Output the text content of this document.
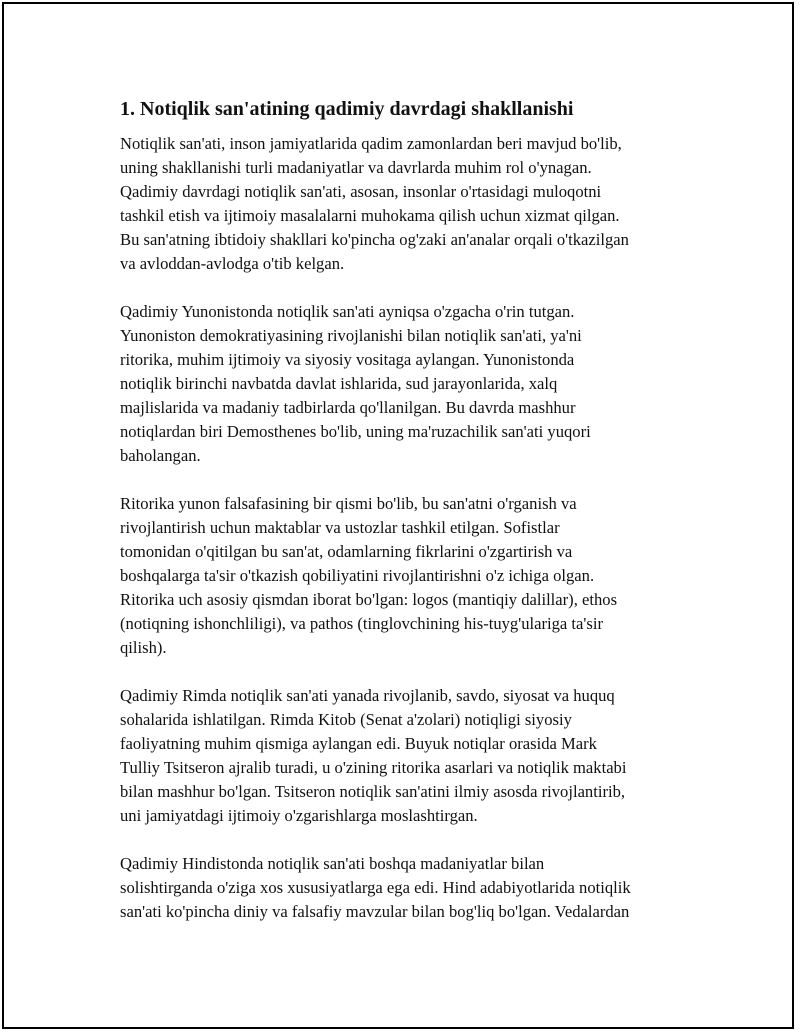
1. Notiqlik san'atining qadimiy davrdagi shakllanishi

Notiqlik san'ati, inson jamiyatlarida qadim zamonlardan beri mavjud bo'lib,
uning shakllanishi turli madaniyatlar va davrlarda muhim rol o'ynagan.
Qadimiy davrdagi notiqlik san'ati, asosan, insonlar o'rtasidagi muloqotni
tashkil etish va ijtimoiy masalalarni muhokama qilish uchun xizmat qilgan.
Bu san'atning ibtidoiy shakllari ko'pincha og'zaki an'analar orqali o'tkazilgan
va avloddan-avlodga o'tib kelgan.

Qadimiy Yunonistonda notiqlik san'ati ayniqsa o'zgacha o'rin tutgan.
Yunoniston demokratiyasining rivojlanishi bilan notiqlik san'ati, ya'ni
ritorika, muhim ijtimoiy va siyosiy vositaga aylangan. Yunonistonda
notiqlik birinchi navbatda davlat ishlarida, sud jarayonlarida, xalq
majlislarida va madaniy tadbirlarda qo'llanilgan. Bu davrda mashhur
notiqlardan biri Demosthenes bo'lib, uning ma'ruzachilik san'ati yuqori
baholangan.

Ritorika yunon falsafasining bir qismi bo'lib, bu san'atni o'rganish va
rivojlantirish uchun maktablar va ustozlar tashkil etilgan. Sofistlar
tomonidan o'qitilgan bu san'at, odamlarning fikrlarini o'zgartirish va
boshqalarga ta'sir o'tkazish qobiliyatini rivojlantirishni o'z ichiga olgan.
Ritorika uch asosiy qismdan iborat bo'lgan: logos (mantiqiy dalillar), ethos
(notiqning ishonchliligi), va pathos (tinglovchining his-tuyg'ulariga ta'sir
qilish).

Qadimiy Rimda notiqlik san'ati yanada rivojlanib, savdo, siyosat va huquq
sohalarida ishlatilgan. Rimda Kitob (Senat a'zolari) notiqligi siyosiy
faoliyatning muhim qismiga aylangan edi. Buyuk notiqlar orasida Mark
Tulliy Tsitseron ajralib turadi, u o'zining ritorika asarlari va notiqlik maktabi
bilan mashhur bo'lgan. Tsitseron notiqlik san'atini ilmiy asosda rivojlantirib,
uni jamiyatdagi ijtimoiy o'zgarishlarga moslashtirgan.

Qadimiy Hindistonda notiqlik san'ati boshqa madaniyatlar bilan
solishtirganda o'ziga xos xususiyatlarga ega edi. Hind adabiyotlarida notiqlik
san'ati ko'pincha diniy va falsafiy mavzular bilan bog'liq bo'lgan. Vedalardan
